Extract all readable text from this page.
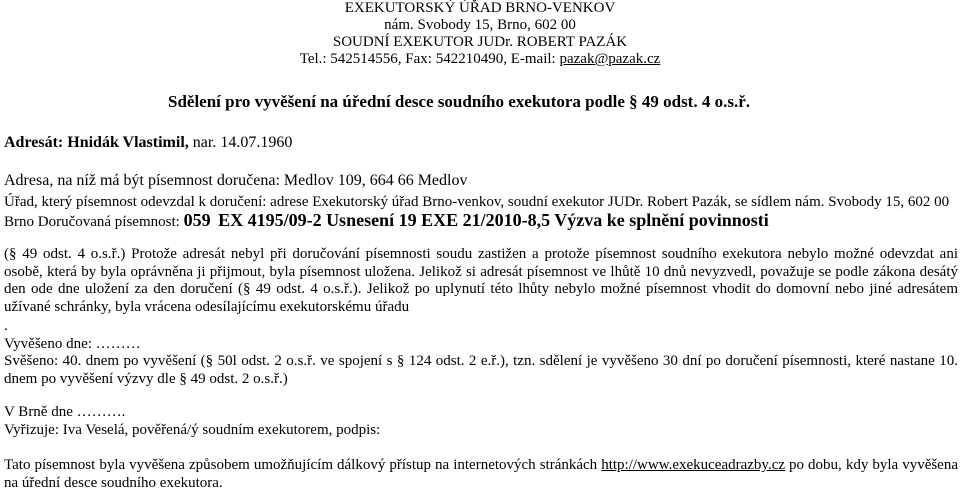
EXEKUTORSKÝ ÚŘAD BRNO-VENKOV
nám. Svobody 15, Brno, 602 00
SOUDNÍ EXEKUTOR JUDr. ROBERT PAZÁK
Tel.: 542514556, Fax: 542210490, E-mail: pazak@pazak.cz
Sdělení pro vyvěšení na úřední desce soudního exekutora podle § 49 odst. 4 o.s.ř.
Adresát: Hnidák Vlastimil, nar. 14.07.1960
Adresa, na níž má být písemnost doručena: Medlov 109, 664 66 Medlov
Úřad, který písemnost odevzdal k doručení: adrese Exekutorský úřad Brno-venkov, soudní exekutor JUDr. Robert Pazák, se sídlem nám. Svobody 15, 602 00
Brno Doručovaná písemnost: 059 EX 4195/09-2 Usnesení 19 EXE 21/2010-8,5 Výzva ke splnění povinnosti
(§ 49 odst. 4 o.s.ř.) Protože adresát nebyl při doručování písemnosti soudu zastižen a protože písemnost soudního exekutora nebylo možné odevzdat ani osobě, která by byla oprávněna ji přijmout, byla písemnost uložena. Jelikož si adresát písemnost ve lhůtě 10 dnů nevyzvedl, považuje se podle zákona desátý den ode dne uložení za den doručení (§ 49 odst. 4 o.s.ř.). Jelikož po uplynutí této lhůty nebylo možné písemnost vhodit do domovní nebo jiné adresátem užívané schránky, byla vrácena odesílajícímu exekutorskému úřadu
.
Vyvěšeno dne: ………
Svěšeno: 40. dnem po vyvěšení (§ 50l odst. 2 o.s.ř. ve spojení s § 124 odst. 2 e.ř.), tzn. sdělení je vyvěšeno 30 dní po doručení písemnosti, které nastane 10. dnem po vyvěšení výzvy dle § 49 odst. 2 o.s.ř.)
V Brně dne ……….
Vyřizuje: Iva Veselá, pověřená/ý soudním exekutorem, podpis:
Tato písemnost byla vyvěšena způsobem umožňujícím dálkový přístup na internetových stránkách http://www.exekuceadrazby.cz po dobu, kdy byla vyvěšena na úřední desce soudního exekutora.
